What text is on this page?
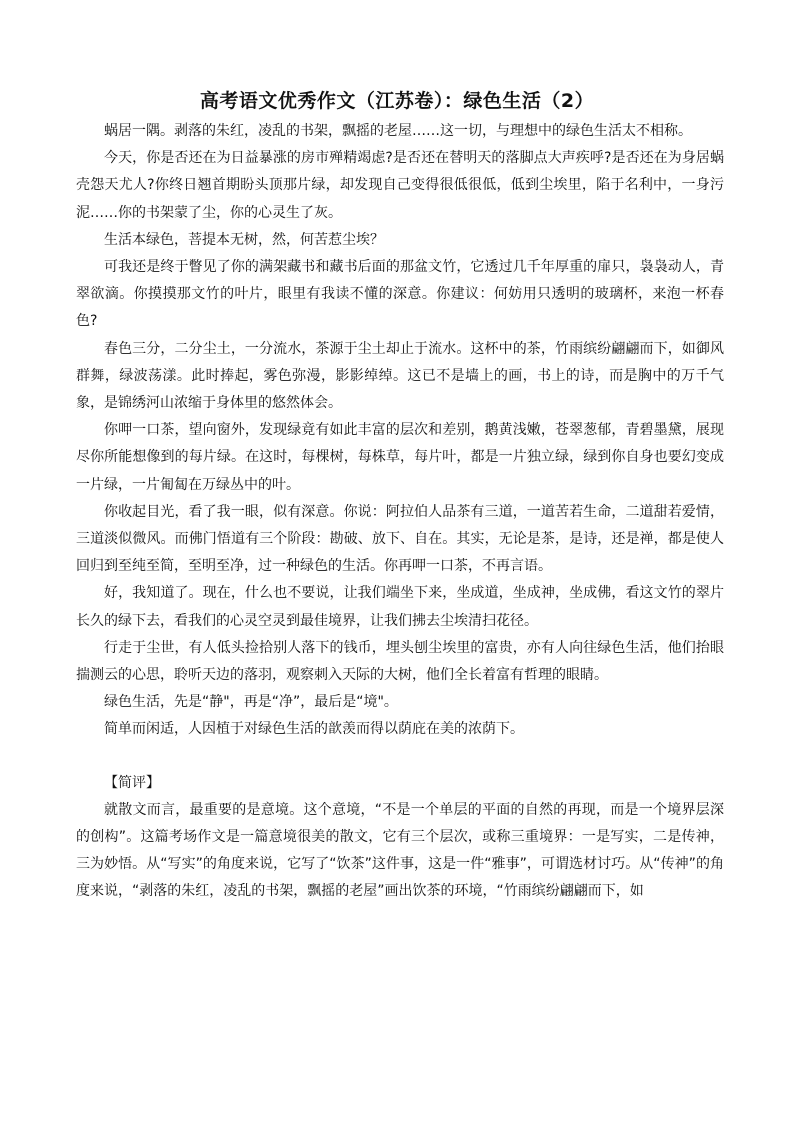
高考语文优秀作文（江苏卷）：绿色生活（2）

蜗居一隅。剥落的朱红，凌乱的书架，飘摇的老屋……这一切，与理想中的绿色生活太不相称。

今天，你是否还在为日益暴涨的房市殚精竭虑?是否还在替明天的落脚点大声疾呼?是否还在为身居蜗壳怨天尤人?你终日翘首期盼头顶那片绿，却发现自己变得很低很低，低到尘埃里，陷于名利中，一身污泥……你的书架蒙了尘，你的心灵生了灰。

生活本绿色，菩提本无树，然，何苦惹尘埃？

可我还是终于瞥见了你的满架藏书和藏书后面的那盆文竹，它透过几千年厚重的扉只，袅袅动人，青翠欲滴。你摸摸那文竹的叶片，眼里有我读不懂的深意。你建议：何妨用只透明的玻璃杯，来泡一杯春色?

春色三分，二分尘土，一分流水，茶源于尘土却止于流水。这杯中的茶，竹雨缤纷翩翩而下，如御风群舞，绿波荡漾。此时捧起，雾色弥漫，影影绰绰。这已不是墙上的画，书上的诗，而是胸中的万千气象，是锦绣河山浓缩于身体里的悠然体会。

你呷一口茶，望向窗外，发现绿竟有如此丰富的层次和差别，鹅黄浅嫩，苍翠葱郁，青碧墨黛，展现尽你所能想像到的每片绿。在这时，每棵树，每株草，每片叶，都是一片独立绿，绿到你自身也要幻变成一片绿，一片匍匐在万绿丛中的叶。

你收起目光，看了我一眼，似有深意。你说：阿拉伯人品茶有三道，一道苦若生命，二道甜若爱情，三道淡似微风。而佛门悟道有三个阶段：勘破、放下、自在。其实，无论是茶，是诗，还是禅，都是使人回归到至纯至简，至明至净，过一种绿色的生活。你再呷一口茶，不再言语。

好，我知道了。现在，什么也不要说，让我们端坐下来，坐成道，坐成神，坐成佛，看这文竹的翠片长久的绿下去，看我们的心灵空灵到最佳境界，让我们拂去尘埃清扫花径。

行走于尘世，有人低头捡拾别人落下的钱币，埋头刨尘埃里的富贵，亦有人向往绿色生活，他们抬眼揣测云的心思，聆听天边的落羽，观察刺入天际的大树，他们全长着富有哲理的眼睛。

绿色生活，先是“静"，再是“净”，最后是“境"。

简单而闲适，人因植于对绿色生活的歆羡而得以荫庇在美的浓荫下。

【简评】

就散文而言，最重要的是意境。这个意境，“不是一个单层的平面的自然的再现，而是一个境界层深的创构”。这篇考场作文是一篇意境很美的散文，它有三个层次，或称三重境界：一是写实，二是传神，三为妙悟。从“写实”的角度来说，它写了“饮茶”这件事，这是一件“雅事”，可谓选材讨巧。从“传神”的角度来说，“剥落的朱红，凌乱的书架，飘摇的老屋”画出饮茶的环境，“竹雨缤纷翩翩而下，如
